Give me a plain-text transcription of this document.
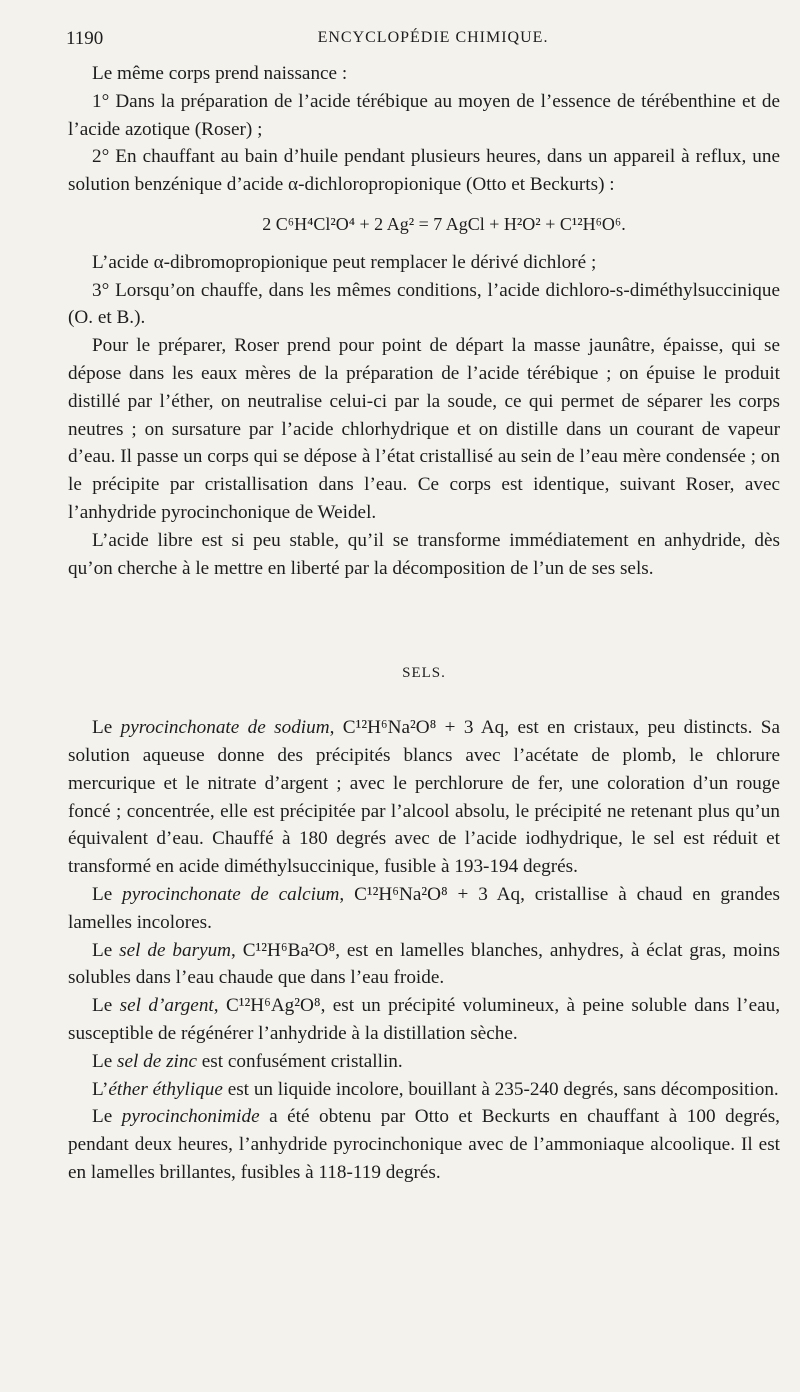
1190	ENCYCLOPÉDIE CHIMIQUE.

Le même corps prend naissance :

1° Dans la préparation de l’acide térébique au moyen de l’essence de térébenthine et de l’acide azotique (Roser) ;

2° En chauffant au bain d’huile pendant plusieurs heures, dans un appareil à reflux, une solution benzénique d’acide α-dichloropropionique (Otto et Beckurts) :

2 C⁶H⁴Cl²O⁴ + 2 Ag² = 7 AgCl + H²O² + C¹²H⁶O⁶.

L’acide α-dibromopropionique peut remplacer le dérivé dichloré ;

3° Lorsqu’on chauffe, dans les mêmes conditions, l’acide dichloro-s-diméthylsuccinique (O. et B.).

Pour le préparer, Roser prend pour point de départ la masse jaunâtre, épaisse, qui se dépose dans les eaux mères de la préparation de l’acide térébique ; on épuise le produit distillé par l’éther, on neutralise celui-ci par la soude, ce qui permet de séparer les corps neutres ; on sursature par l’acide chlorhydrique et on distille dans un courant de vapeur d’eau. Il passe un corps qui se dépose à l’état cristallisé au sein de l’eau mère condensée ; on le précipite par cristallisation dans l’eau. Ce corps est identique, suivant Roser, avec l’anhydride pyrocinchonique de Weidel.

L’acide libre est si peu stable, qu’il se transforme immédiatement en anhydride, dès qu’on cherche à le mettre en liberté par la décomposition de l’un de ses sels.

SELS.

Le pyrocinchonate de sodium, C¹²H⁶Na²O⁸ + 3 Aq, est en cristaux, peu distincts. Sa solution aqueuse donne des précipités blancs avec l’acétate de plomb, le chlorure mercurique et le nitrate d’argent ; avec le perchlorure de fer, une coloration d’un rouge foncé ; concentrée, elle est précipitée par l’alcool absolu, le précipité ne retenant plus qu’un équivalent d’eau. Chauffé à 180 degrés avec de l’acide iodhydrique, le sel est réduit et transformé en acide diméthylsuccinique, fusible à 193-194 degrés.

Le pyrocinchonate de calcium, C¹²H⁶Na²O⁸ + 3 Aq, cristallise à chaud en grandes lamelles incolores.

Le sel de baryum, C¹²H⁶Ba²O⁸, est en lamelles blanches, anhydres, à éclat gras, moins solubles dans l’eau chaude que dans l’eau froide.

Le sel d’argent, C¹²H⁶Ag²O⁸, est un précipité volumineux, à peine soluble dans l’eau, susceptible de régénérer l’anhydride à la distillation sèche.

Le sel de zinc est confusément cristallin.

L’éther éthylique est un liquide incolore, bouillant à 235-240 degrés, sans décomposition.

Le pyrocinchonimide a été obtenu par Otto et Beckurts en chauffant à 100 degrés, pendant deux heures, l’anhydride pyrocinchonique avec de l’ammoniaque alcoolique. Il est en lamelles brillantes, fusibles à 118-119 degrés.
